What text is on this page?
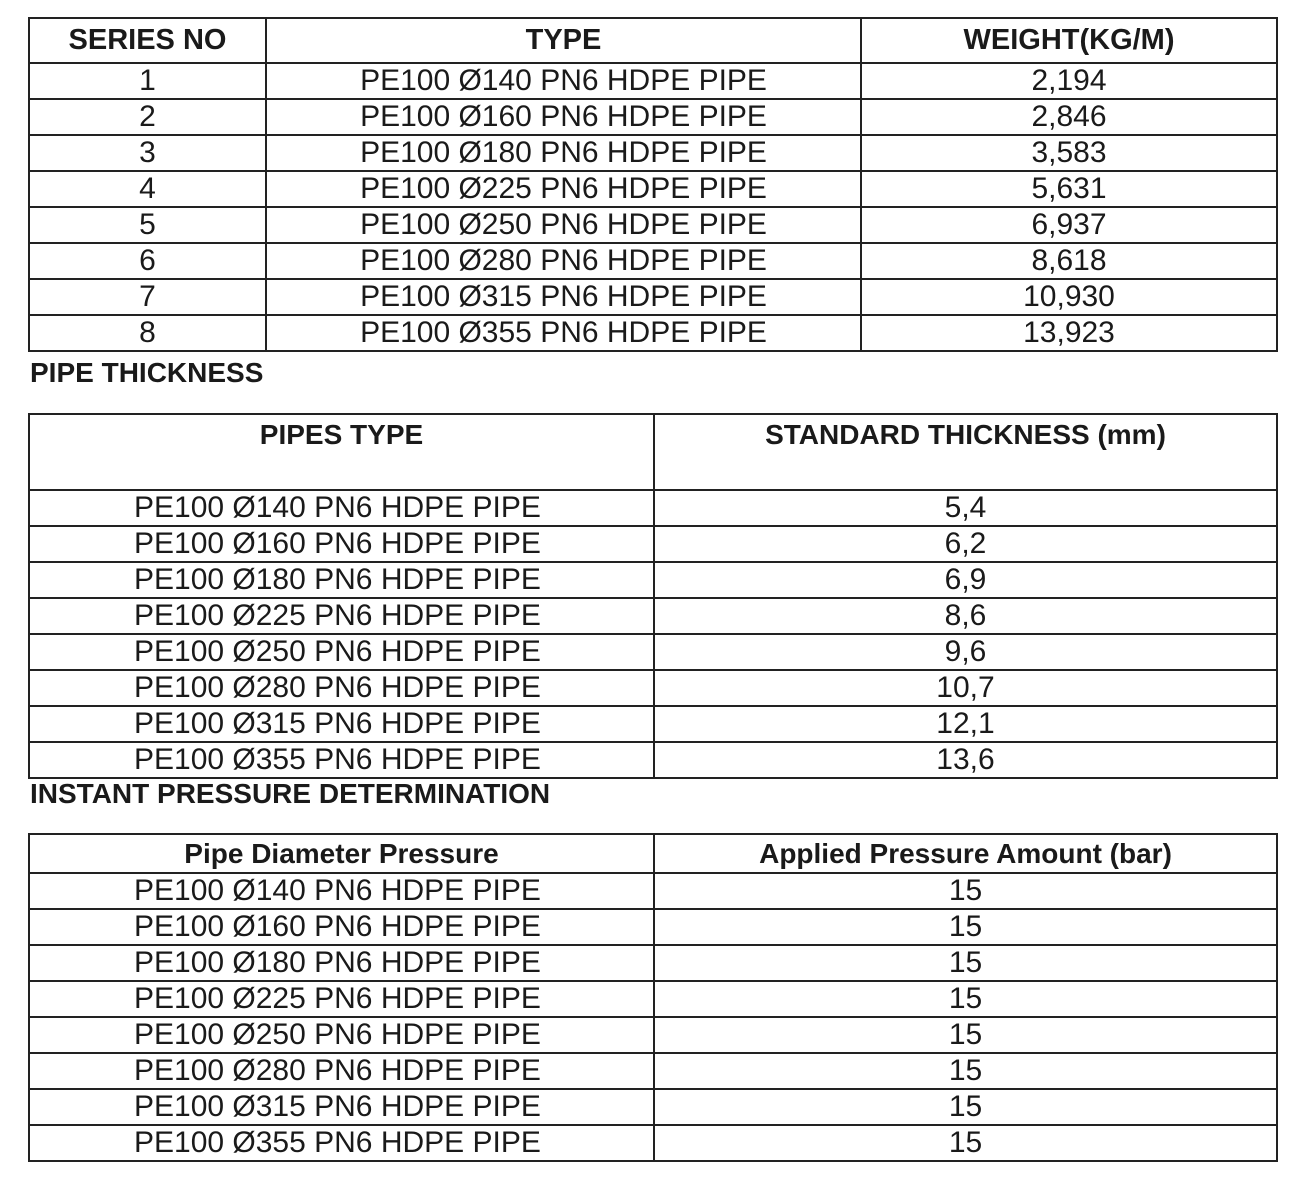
SERIES NO	TYPE	WEIGHT(KG/M)
1	PE100 Ø140 PN6 HDPE PIPE	2,194
2	PE100 Ø160 PN6 HDPE PIPE	2,846
3	PE100 Ø180 PN6 HDPE PIPE	3,583
4	PE100 Ø225 PN6 HDPE PIPE	5,631
5	PE100 Ø250 PN6 HDPE PIPE	6,937
6	PE100 Ø280 PN6 HDPE PIPE	8,618
7	PE100 Ø315 PN6 HDPE PIPE	10,930
8	PE100 Ø355 PN6 HDPE PIPE	13,923
PIPE THICKNESS
PIPES TYPE	STANDARD THICKNESS (mm)
PE100 Ø140 PN6 HDPE PIPE	5,4
PE100 Ø160 PN6 HDPE PIPE	6,2
PE100 Ø180 PN6 HDPE PIPE	6,9
PE100 Ø225 PN6 HDPE PIPE	8,6
PE100 Ø250 PN6 HDPE PIPE	9,6
PE100 Ø280 PN6 HDPE PIPE	10,7
PE100 Ø315 PN6 HDPE PIPE	12,1
PE100 Ø355 PN6 HDPE PIPE	13,6
INSTANT PRESSURE DETERMINATION
Pipe Diameter Pressure	Applied Pressure Amount (bar)
PE100 Ø140 PN6 HDPE PIPE	15
PE100 Ø160 PN6 HDPE PIPE	15
PE100 Ø180 PN6 HDPE PIPE	15
PE100 Ø225 PN6 HDPE PIPE	15
PE100 Ø250 PN6 HDPE PIPE	15
PE100 Ø280 PN6 HDPE PIPE	15
PE100 Ø315 PN6 HDPE PIPE	15
PE100 Ø355 PN6 HDPE PIPE	15
